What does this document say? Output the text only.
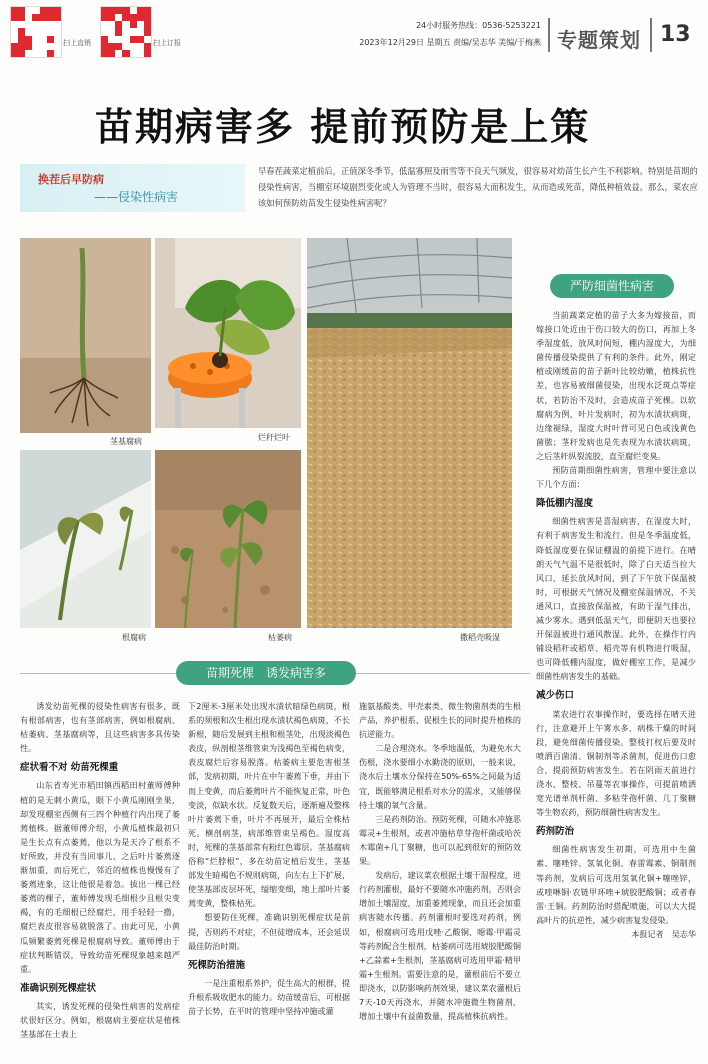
扫上直销	扫上订报
24小时服务热线：0536-5253221
2023年12月29日 星期五 责编/吴志华 美编/于梅燕 专题策划 13
苗期病害多 提前预防是上策
换茬后早防病
——侵染性病害
早春茬蔬菜定植前后，正值深冬季节，低温寡照及雨雪等不良天气频发，很容易对幼苗生长产生不利影响。特别是苗期的侵染性病害，当棚室环境剧烈变化或人为管理不当时，很容易大面积发生，从而造成死苗，降低种植效益。那么，菜农应该如何预防幼苗发生侵染性病害呢？
茎基腐病	烂秆烂叶
根腐病	枯萎病	撒稻壳吸湿
严防细菌性病害

当前蔬菜定植的苗子大多为嫁接苗，而嫁接口处近由于伤口较大的伤口，再加上冬季湿度低，放风时间短，棚内湿度大，为细菌传播侵染提供了有利的条件。此外，刚定植或刚缓苗的苗子新叶比较幼嫩，植株抗性差，也容易被细菌侵染，出现水泛斑点等症状，若防治不及时，会造成苗子死棵。以软腐病为例，叶片发病时，初为水渍状病斑，边缘褪绿，湿度大时叶背可见白色或浅黄色菌脓；茎秆发病也是先表现为水渍状病斑，之后茎秆纵裂流胶，直至腐烂变臭。

预防苗期细菌性病害，管理中要注意以下几个方面：

降低棚内湿度

细菌性病害是喜湿病害，在湿度大时，有利于病害发生和流行。但是冬季温度低，降低湿度要在保证棚温的前提下进行。在晴朗天气气温不是很低时，除了白天适当拉大风口，延长放风时间，到了下午放下保温被时，可根据天气情况及棚室保温情况，不关通风口，直接放保温被，有助于湿气排出，减少雾水。遇到低温天气，即便阴天也要拉开保温被进行通风散湿。此外，在操作行内铺设稻秆或稻草、稻壳等有机物进行吸湿，也可降低棚内湿度，做好棚室工作，是减少细菌性病害发生的基础。

减少伤口

菜农进行农事操作时，要选择在晴天进行，注意避开上午雾水多、病株干燥的时间段，避免细菌传播侵染。整枝打杈后要及时喷洒百菌清、铜制剂等杀菌剂，促进伤口愈合，提前预防病害发生。若在阴雨天前进行浇水、整枝、吊蔓等农事操作，可提前喷洒宽光谱单剂杆菌、多粘芽孢杆菌、几丁聚糖等生物农药，预防细菌性病害发生。

药剂防治

细菌性病害发生初期，可选用中生菌素、噻唑锌、氢氧化铜、春雷霉素、铜制剂等药剂，发病后可选用氢氧化铜+噻唑锌，或喹啉铜·农链甲环唑+琥胶肥酸铜；或者春雷·王铜。药剂防治时搭配喷施，可以大大提高叶片的抗逆性，减少病害复发侵染。

本报记者　吴志华
苗期死棵　诱发病害多

诱发幼苗死棵的侵染性病害有很多，既有根部病害，也有茎部病害，例如根腐病、枯萎病、茎基腐病等，且这些病害多具传染性。

症状看不对 幼苗死棵重

山东省寿光市稻田镇西稻田村董师傅种植的是无刺小黄瓜，眼下小黄瓜刚刚坐果，却发现棚室西侧有三四个种植行内出现了萎蔫植株。据董师傅介绍，小黄瓜植株最初只是生长点有点萎蔫，他以为是天冷了根系不好所致，并没有当回事儿，之后叶片萎蔫逐渐加重，而后死亡，邻近的植株也慢慢有了萎蔫迹象，这让他很是着急。拔出一棵已经萎蔫的棵子，董师傅发现毛细根少且根尖变褐，有的毛细根已经腐烂，用手轻轻一撸，腐烂表皮很容易就脱落了。由此可见，小黄瓜频繁萎蔫死棵是根腐病导致。董师傅由于症状判断错误，导致幼苗死棵现象越来越严重。

准确识别死棵症状

其实，诱发死棵的侵染性病害的发病症状很好区分。例如，根腐病主要症状是植株茎基部在土表上

下2厘米-3厘米处出现水渍状暗绿色病斑，根系的须根和次生根出现水渍状褐色病斑，不长新根，随后发展到主根和根茎处，出现淡褐色表皮，纵剖根茎维管束为浅褐色至褐色病变，表皮腐烂后容易脱落。枯萎病主要危害根茎部，发病初期，叶片在中午萎蔫下垂，并由下而上变黄，而后萎蔫叶片不能恢复正常，叶色变淡，似缺水状。反复数天后，逐渐遍及整株叶片萎蔫下垂，叶片不再展开，最后全株枯死。横剖病茎，病部维管束呈褐色。湿度高时，死棵的茎基部常有粉红色霉层。茎基腐病俗称“烂脖根”，多在幼苗定植后发生，茎基部发生暗褐色不规则病斑，向左右上下扩展，使茎基部皮层坏死，缢缩变细，地上部叶片萎蔫变黄，整株枯死。

想要防住死棵，准确识别死棵症状是前提，否则药不对症，不但徒增成本，还会延误最佳防治时期。

死棵防治措施

一是注重根系养护，促生高大的根群，提升根系吸收肥水的能力。幼苗缓苗后，可根据苗子长势，在平时的管理中坚持冲施或灌

施氨基酸类、甲壳素类、微生物菌剂类的生根产品，养护根系、促根生长的同时提升植株的抗逆能力。

二是合理浇水。冬季地温低，为避免水大伤根，浇水要细小水勤浇的原则，一般来说，浇水后土壤水分保持在50%-65%之间最为适宜，既能够满足根系对水分的需求，又能够保持土壤的氧气含量。

三是药剂防治。预防死棵，可随水冲施恶霉灵+生根剂，或者冲施枯草芽孢杆菌或哈茨木霉菌+几丁聚糖，也可以起到很好的预防效果。

发病后，建议菜农根据土壤干湿程度，进行药剂灌根，最好不要随水冲施药剂，否则会增加土壤湿度，加重萎蔫现象，而且还会加重病害随水传播。药剂灌根时要选对药剂，例如，根腐病可选用戊唑·乙酸铜、噁霉·甲霜灵等药剂配合生根剂，枯萎病可选用琥胶肥酸铜+乙蒜素+生根剂，茎基腐病可选用甲霜·精甲霜+生根剂。需要注意的是，灌根前后不要立即浇水，以防影响药剂效果，建议菜农灌根后7天-10天再浇水，并随水冲施微生物菌剂，增加土壤中有益菌数量，提高植株抗病性。
